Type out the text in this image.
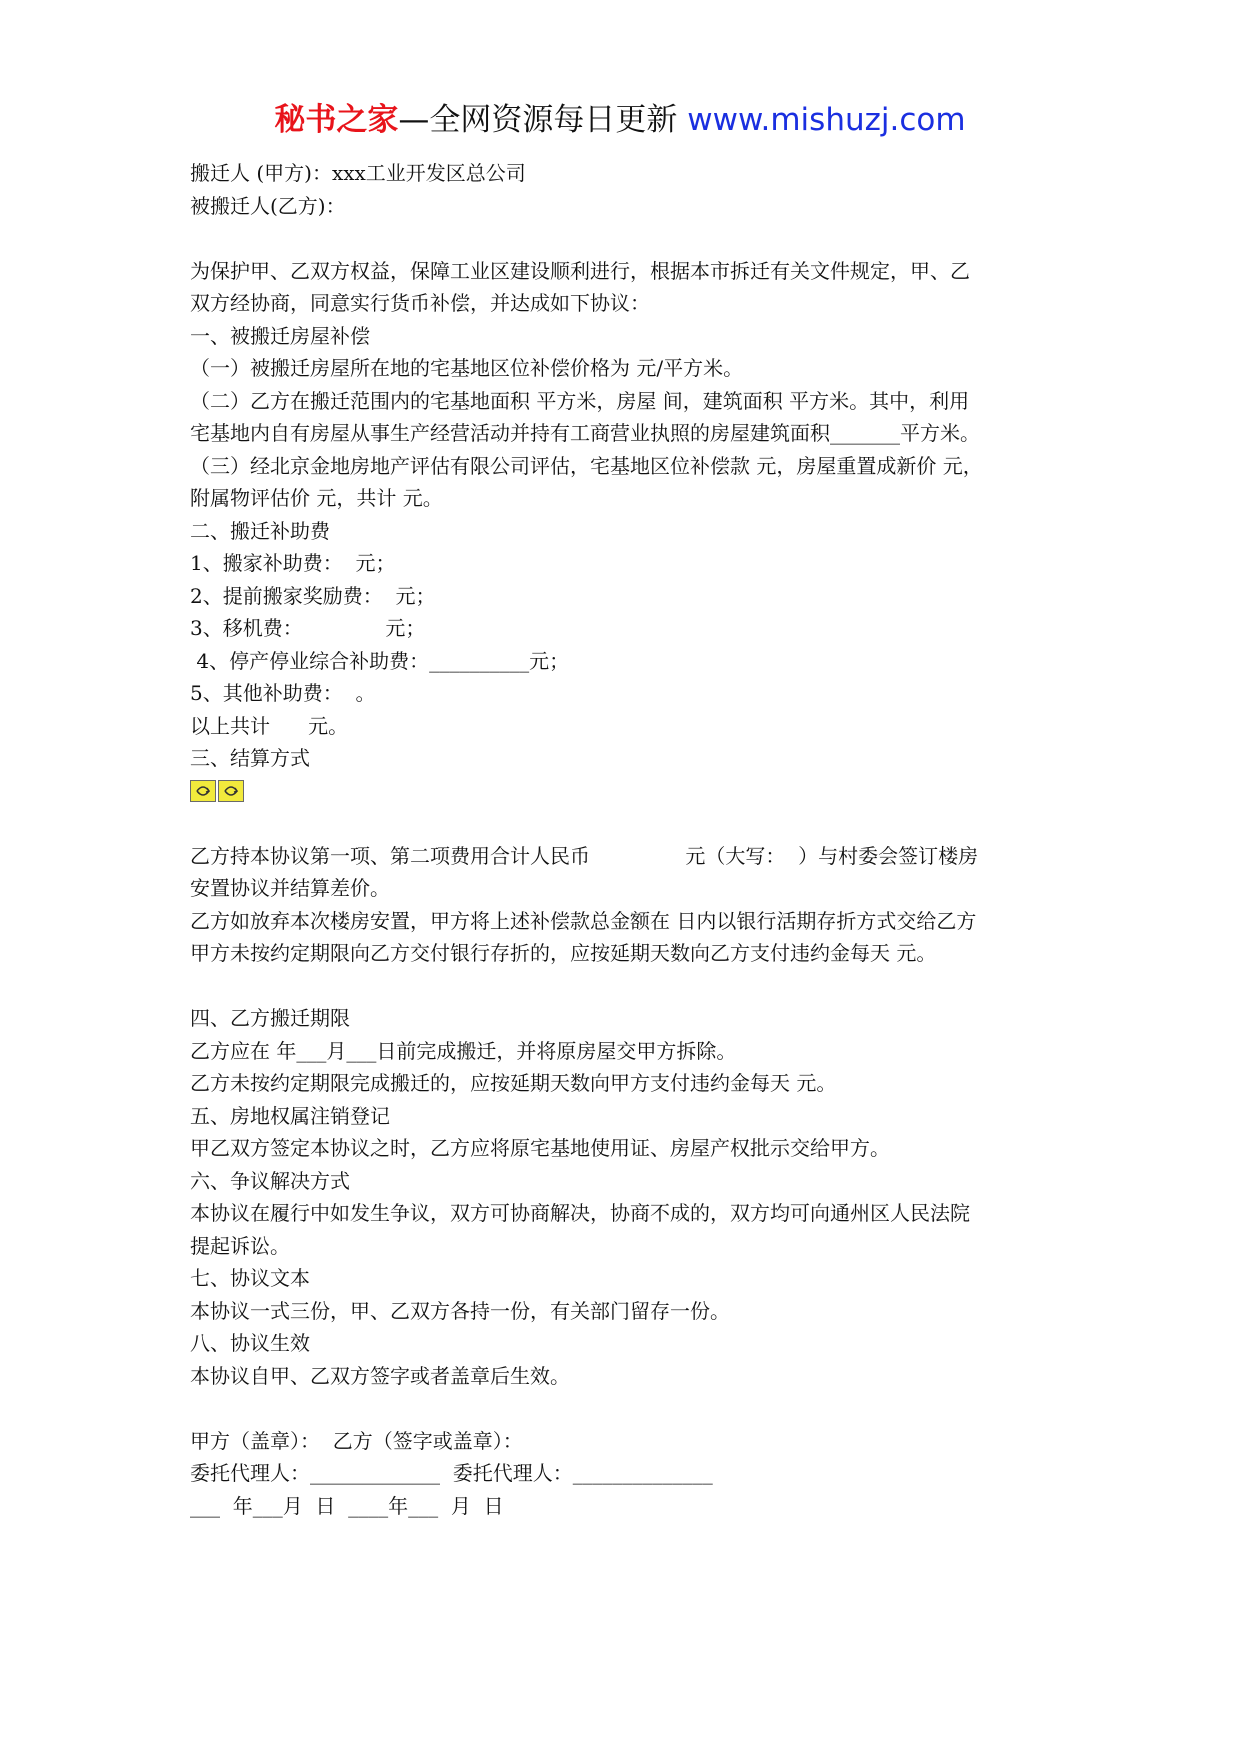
秘书之家—全网资源每日更新 www.mishuzj.com
搬迁人 (甲方)：xxx工业开发区总公司
被搬迁人(乙方)：
为保护甲、乙双方权益，保障工业区建设顺利进行，根据本市拆迁有关文件规定，甲、乙
双方经协商，同意实行货币补偿，并达成如下协议：
一、被搬迁房屋补偿
（一）被搬迁房屋所在地的宅基地区位补偿价格为 元/平方米。
（二）乙方在搬迁范围内的宅基地面积 平方米，房屋 间，建筑面积 平方米。其中，利用
宅基地内自有房屋从事生产经营活动并持有工商营业执照的房屋建筑面积_______平方米。
（三）经北京金地房地产评估有限公司评估，宅基地区位补偿款 元，房屋重置成新价 元，
附属物评估价 元，共计 元。
二、搬迁补助费
1、搬家补助费：  元；
2、提前搬家奖励费：  元；
3、移机费：             元；
4、停产停业综合补助费：__________元；
5、其他补助费：  。
以上共计      元。
三、结算方式
乙方持本协议第一项、第二项费用合计人民币               元（大写：  ）与村委会签订楼房
安置协议并结算差价。
乙方如放弃本次楼房安置，甲方将上述补偿款总金额在 日内以银行活期存折方式交给乙方
甲方未按约定期限向乙方交付银行存折的，应按延期天数向乙方支付违约金每天 元。
四、乙方搬迁期限
乙方应在 年___月___日前完成搬迁，并将原房屋交甲方拆除。
乙方未按约定期限完成搬迁的，应按延期天数向甲方支付违约金每天 元。
五、房地权属注销登记
甲乙双方签定本协议之时，乙方应将原宅基地使用证、房屋产权批示交给甲方。
六、争议解决方式
本协议在履行中如发生争议，双方可协商解决，协商不成的，双方均可向通州区人民法院
提起诉讼。
七、协议文本
本协议一式三份，甲、乙双方各持一份，有关部门留存一份。
八、协议生效
本协议自甲、乙双方签字或者盖章后生效。
甲方（盖章）：  乙方（签字或盖章）：
委托代理人：_____________  委托代理人：______________
___  年___月  日  ____年___  月  日
